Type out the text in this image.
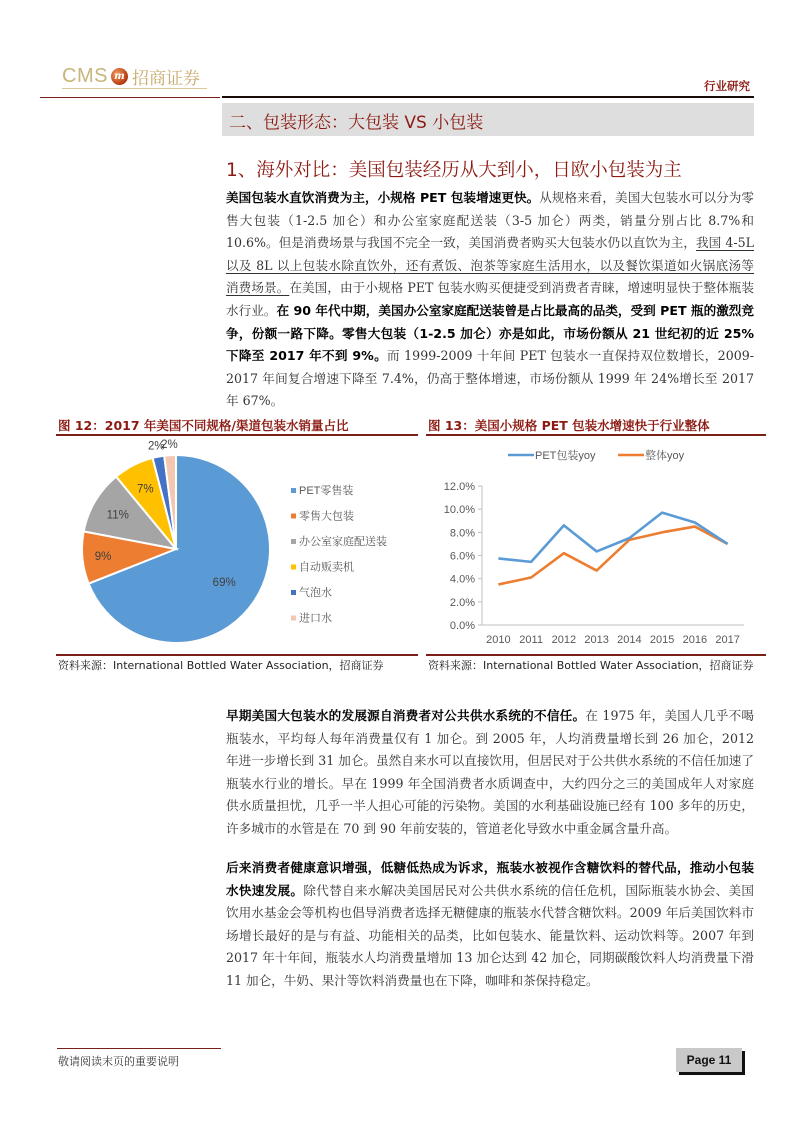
CMS m 招商证券	行业研究
二、包装形态：大包装 VS 小包装
1、海外对比：美国包装经历从大到小，日欧小包装为主
美国包装水直饮消费为主，小规格 PET 包装增速更快。从规格来看，美国大包装水可以分为零售大包装（1-2.5 加仑）和办公室家庭配送装（3-5 加仑）两类，销量分别占比 8.7%和 10.6%。但是消费场景与我国不完全一致，美国消费者购买大包装水仍以直饮为主，我国 4-5L 以及 8L 以上包装水除直饮外，还有煮饭、泡茶等家庭生活用水，以及餐饮渠道如火锅底汤等消费场景。在美国，由于小规格 PET 包装水购买便捷受到消费者青睐，增速明显快于整体瓶装水行业。在 90 年代中期，美国办公室家庭配送装曾是占比最高的品类，受到 PET 瓶的激烈竞争，份额一路下降。零售大包装（1-2.5 加仑）亦是如此，市场份额从 21 世纪初的近 25%下降至 2017 年不到 9%。而 1999-2009 十年间 PET 包装水一直保持双位数增长，2009-2017 年间复合增速下降至 7.4%，仍高于整体增速，市场份额从 1999 年 24%增长至 2017 年 67%。
图 12：2017 年美国不同规格/渠道包装水销量占比
69%
9%
11%
7%
2%
2%
PET零售装
零售大包装
办公室家庭配送装
自动贩卖机
气泡水
进口水
资料来源：International Bottled Water Association，招商证券
图 13：美国小规格 PET 包装水增速快于行业整体
PET包装yoy	整体yoy
0.0%
2.0%
4.0%
6.0%
8.0%
10.0%
12.0%
2010 2011 2012 2013 2014 2015 2016 2017
资料来源：International Bottled Water Association，招商证券
早期美国大包装水的发展源自消费者对公共供水系统的不信任。在 1975 年，美国人几乎不喝瓶装水，平均每人每年消费量仅有 1 加仑。到 2005 年，人均消费量增长到 26 加仑，2012 年进一步增长到 31 加仑。虽然自来水可以直接饮用，但居民对于公共供水系统的不信任加速了瓶装水行业的增长。早在 1999 年全国消费者水质调查中，大约四分之三的美国成年人对家庭供水质量担忧，几乎一半人担心可能的污染物。美国的水利基础设施已经有 100 多年的历史，许多城市的水管是在 70 到 90 年前安装的，管道老化导致水中重金属含量升高。
后来消费者健康意识增强，低糖低热成为诉求，瓶装水被视作含糖饮料的替代品，推动小包装水快速发展。除代替自来水解决美国居民对公共供水系统的信任危机，国际瓶装水协会、美国饮用水基金会等机构也倡导消费者选择无糖健康的瓶装水代替含糖饮料。2009 年后美国饮料市场增长最好的是与有益、功能相关的品类，比如包装水、能量饮料、运动饮料等。2007 年到 2017 年十年间，瓶装水人均消费量增加 13 加仑达到 42 加仑，同期碳酸饮料人均消费量下滑 11 加仑，牛奶、果汁等饮料消费量也在下降，咖啡和茶保持稳定。
敬请阅读末页的重要说明	Page 11
